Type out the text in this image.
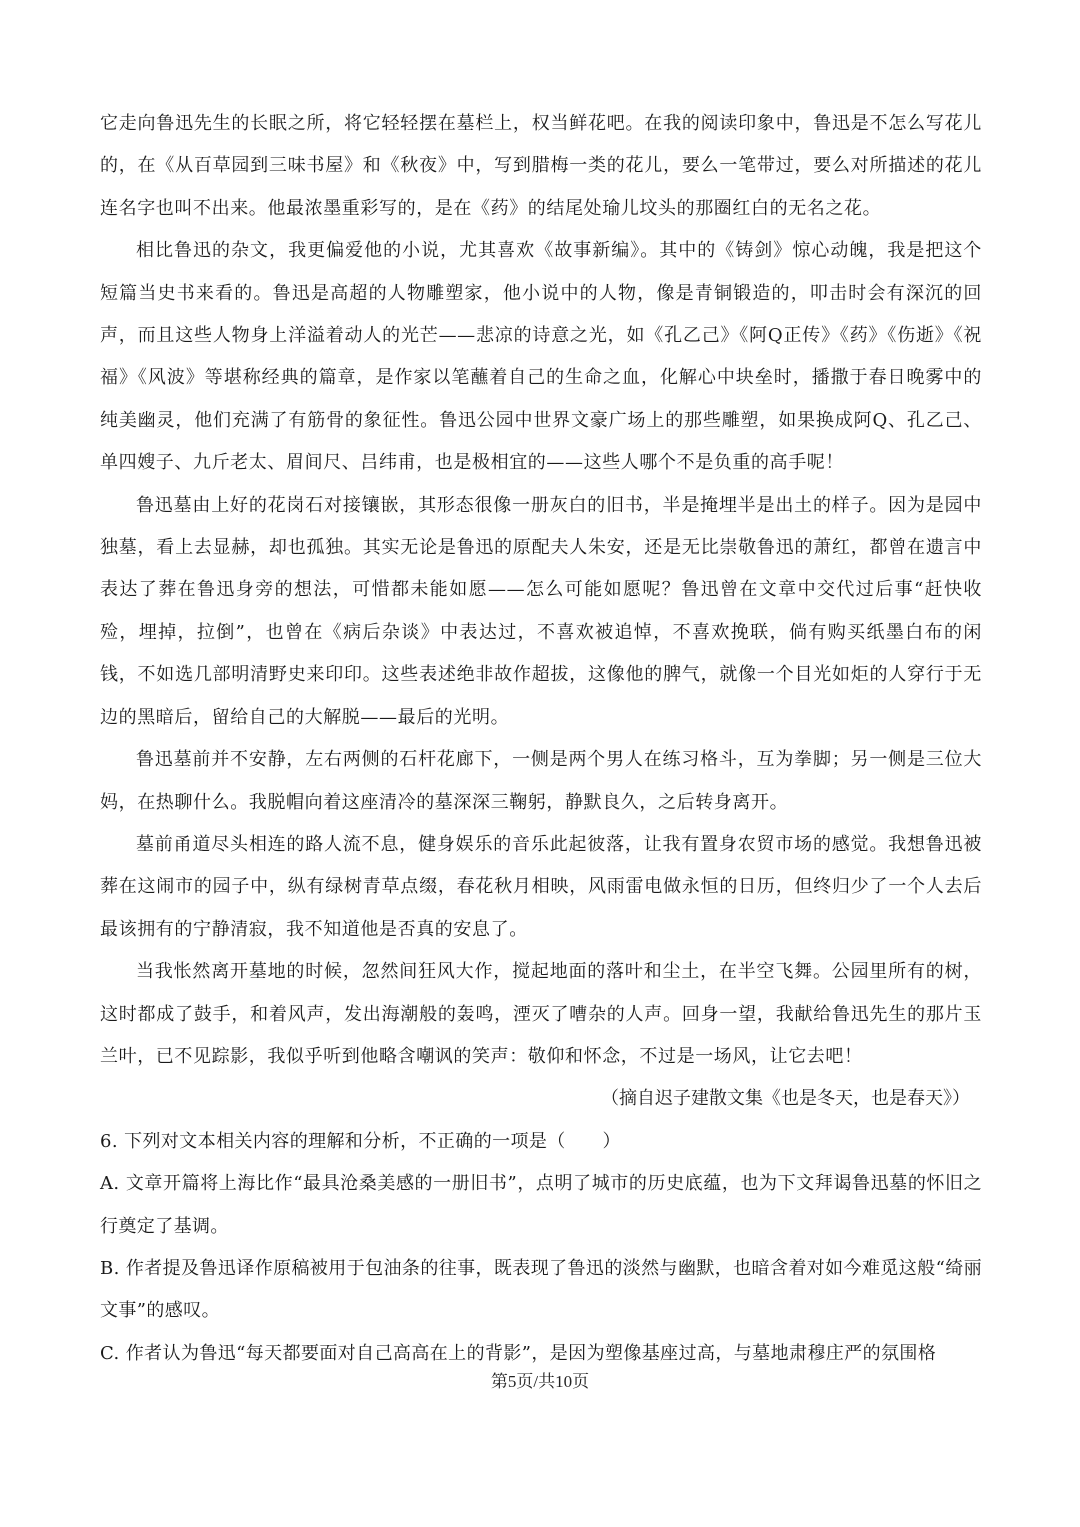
它走向鲁迅先生的长眠之所，将它轻轻摆在墓栏上，权当鲜花吧。在我的阅读印象中，鲁迅是不怎么写花儿的，在《从百草园到三味书屋》和《秋夜》中，写到腊梅一类的花儿，要么一笔带过，要么对所描述的花儿连名字也叫不出来。他最浓墨重彩写的，是在《药》的结尾处瑜儿坟头的那圈红白的无名之花。

相比鲁迅的杂文，我更偏爱他的小说，尤其喜欢《故事新编》。其中的《铸剑》惊心动魄，我是把这个短篇当史书来看的。鲁迅是高超的人物雕塑家，他小说中的人物，像是青铜锻造的，叩击时会有深沉的回声，而且这些人物身上洋溢着动人的光芒——悲凉的诗意之光，如《孔乙己》《阿Q正传》《药》《伤逝》《祝福》《风波》等堪称经典的篇章，是作家以笔蘸着自己的生命之血，化解心中块垒时，播撒于春日晚雾中的纯美幽灵，他们充满了有筋骨的象征性。鲁迅公园中世界文豪广场上的那些雕塑，如果换成阿Q、孔乙己、单四嫂子、九斤老太、眉间尺、吕纬甫，也是极相宜的——这些人哪个不是负重的高手呢！

鲁迅墓由上好的花岗石对接镶嵌，其形态很像一册灰白的旧书，半是掩埋半是出土的样子。因为是园中独墓，看上去显赫，却也孤独。其实无论是鲁迅的原配夫人朱安，还是无比崇敬鲁迅的萧红，都曾在遗言中表达了葬在鲁迅身旁的想法，可惜都未能如愿——怎么可能如愿呢？鲁迅曾在文章中交代过后事“赶快收殓，埋掉，拉倒”，也曾在《病后杂谈》中表达过，不喜欢被追悼，不喜欢挽联，倘有购买纸墨白布的闲钱，不如选几部明清野史来印印。这些表述绝非故作超拔，这像他的脾气，就像一个目光如炬的人穿行于无边的黑暗后，留给自己的大解脱——最后的光明。

鲁迅墓前并不安静，左右两侧的石杆花廊下，一侧是两个男人在练习格斗，互为拳脚；另一侧是三位大妈，在热聊什么。我脱帽向着这座清冷的墓深深三鞠躬，静默良久，之后转身离开。

墓前甬道尽头相连的路人流不息，健身娱乐的音乐此起彼落，让我有置身农贸市场的感觉。我想鲁迅被葬在这闹市的园子中，纵有绿树青草点缀，春花秋月相映，风雨雷电做永恒的日历，但终归少了一个人去后最该拥有的宁静清寂，我不知道他是否真的安息了。

当我怅然离开墓地的时候，忽然间狂风大作，搅起地面的落叶和尘土，在半空飞舞。公园里所有的树，这时都成了鼓手，和着风声，发出海潮般的轰鸣，湮灭了嘈杂的人声。回身一望，我献给鲁迅先生的那片玉兰叶，已不见踪影，我似乎听到他略含嘲讽的笑声：敬仰和怀念，不过是一场风，让它去吧！

（摘自迟子建散文集《也是冬天，也是春天》）

6. 下列对文本相关内容的理解和分析，不正确的一项是（　　）

A. 文章开篇将上海比作“最具沧桑美感的一册旧书”，点明了城市的历史底蕴，也为下文拜谒鲁迅墓的怀旧之行奠定了基调。

B. 作者提及鲁迅译作原稿被用于包油条的往事，既表现了鲁迅的淡然与幽默，也暗含着对如今难觅这般“绮丽文事”的感叹。

C. 作者认为鲁迅“每天都要面对自己高高在上的背影”，是因为塑像基座过高，与墓地肃穆庄严的氛围格

第5页/共10页
